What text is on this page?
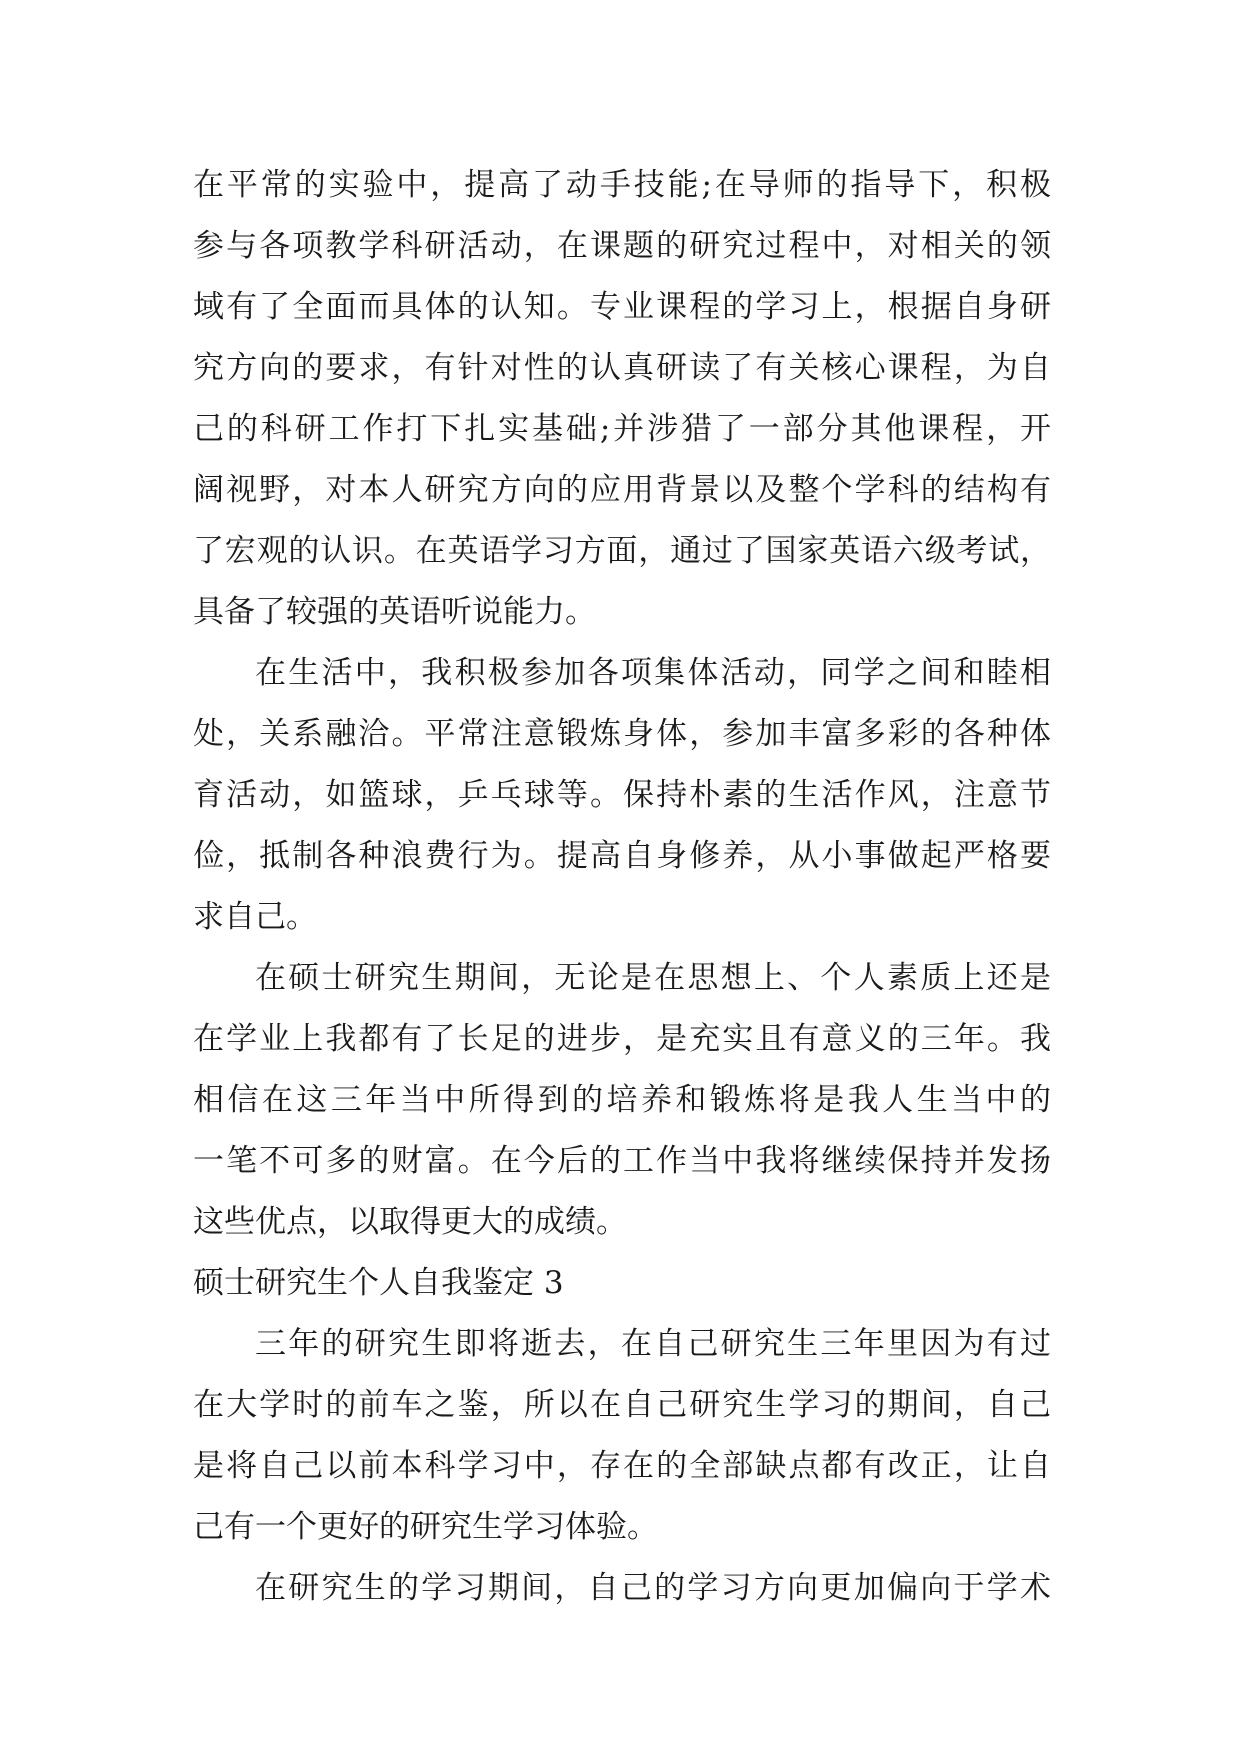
在平常的实验中，提高了动手技能;在导师的指导下，积极
参与各项教学科研活动，在课题的研究过程中，对相关的领
域有了全面而具体的认知。专业课程的学习上，根据自身研
究方向的要求，有针对性的认真研读了有关核心课程，为自
己的科研工作打下扎实基础;并涉猎了一部分其他课程，开
阔视野，对本人研究方向的应用背景以及整个学科的结构有
了宏观的认识。在英语学习方面，通过了国家英语六级考试，
具备了较强的英语听说能力。
在生活中，我积极参加各项集体活动，同学之间和睦相
处，关系融洽。平常注意锻炼身体，参加丰富多彩的各种体
育活动，如篮球，乒乓球等。保持朴素的生活作风，注意节
俭，抵制各种浪费行为。提高自身修养，从小事做起严格要
求自己。
在硕士研究生期间，无论是在思想上、个人素质上还是
在学业上我都有了长足的进步，是充实且有意义的三年。我
相信在这三年当中所得到的培养和锻炼将是我人生当中的
一笔不可多的财富。在今后的工作当中我将继续保持并发扬
这些优点，以取得更大的成绩。
硕士研究生个人自我鉴定 3
三年的研究生即将逝去，在自己研究生三年里因为有过
在大学时的前车之鉴，所以在自己研究生学习的期间，自己
是将自己以前本科学习中，存在的全部缺点都有改正，让自
己有一个更好的研究生学习体验。
在研究生的学习期间，自己的学习方向更加偏向于学术
